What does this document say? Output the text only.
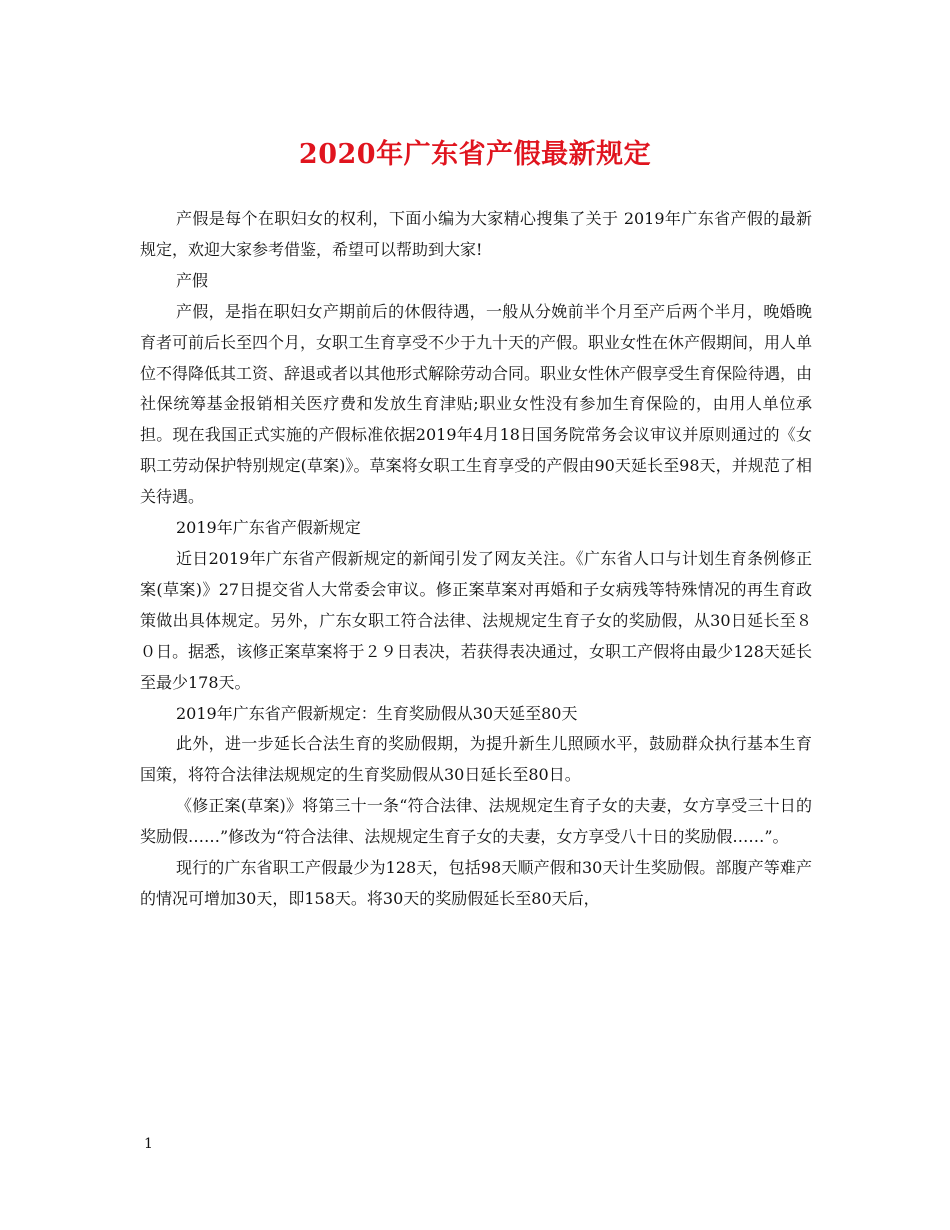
2020年广东省产假最新规定

产假是每个在职妇女的权利，下面小编为大家精心搜集了关于 2019年广东省产假的最新规定，欢迎大家参考借鉴，希望可以帮助到大家!

产假

产假，是指在职妇女产期前后的休假待遇，一般从分娩前半个月至产后两个半月，晚婚晚育者可前后长至四个月，女职工生育享受不少于九十天的产假。职业女性在休产假期间，用人单位不得降低其工资、辞退或者以其他形式解除劳动合同。职业女性休产假享受生育保险待遇，由社保统筹基金报销相关医疗费和发放生育津贴;职业女性没有参加生育保险的，由用人单位承担。现在我国正式实施的产假标准依据2019年4月18日国务院常务会议审议并原则通过的《女职工劳动保护特别规定(草案)》。草案将女职工生育享受的产假由90天延长至98天，并规范了相关待遇。

2019年广东省产假新规定

近日2019年广东省产假新规定的新闻引发了网友关注。《广东省人口与计划生育条例修正案(草案)》27日提交省人大常委会审议。修正案草案对再婚和子女病残等特殊情况的再生育政策做出具体规定。另外，广东女职工符合法律、法规规定生育子女的奖励假，从30日延长至８０日。据悉，该修正案草案将于２９日表决，若获得表决通过，女职工产假将由最少128天延长至最少178天。

2019年广东省产假新规定：生育奖励假从30天延至80天

此外，进一步延长合法生育的奖励假期，为提升新生儿照顾水平，鼓励群众执行基本生育国策，将符合法律法规规定的生育奖励假从30日延长至80日。

《修正案(草案)》将第三十一条“符合法律、法规规定生育子女的夫妻，女方享受三十日的奖励假……”修改为“符合法律、法规规定生育子女的夫妻，女方享受八十日的奖励假……”。

现行的广东省职工产假最少为128天，包括98天顺产假和30天计生奖励假。部腹产等难产的情况可增加30天，即158天。将30天的奖励假延长至80天后，

1
